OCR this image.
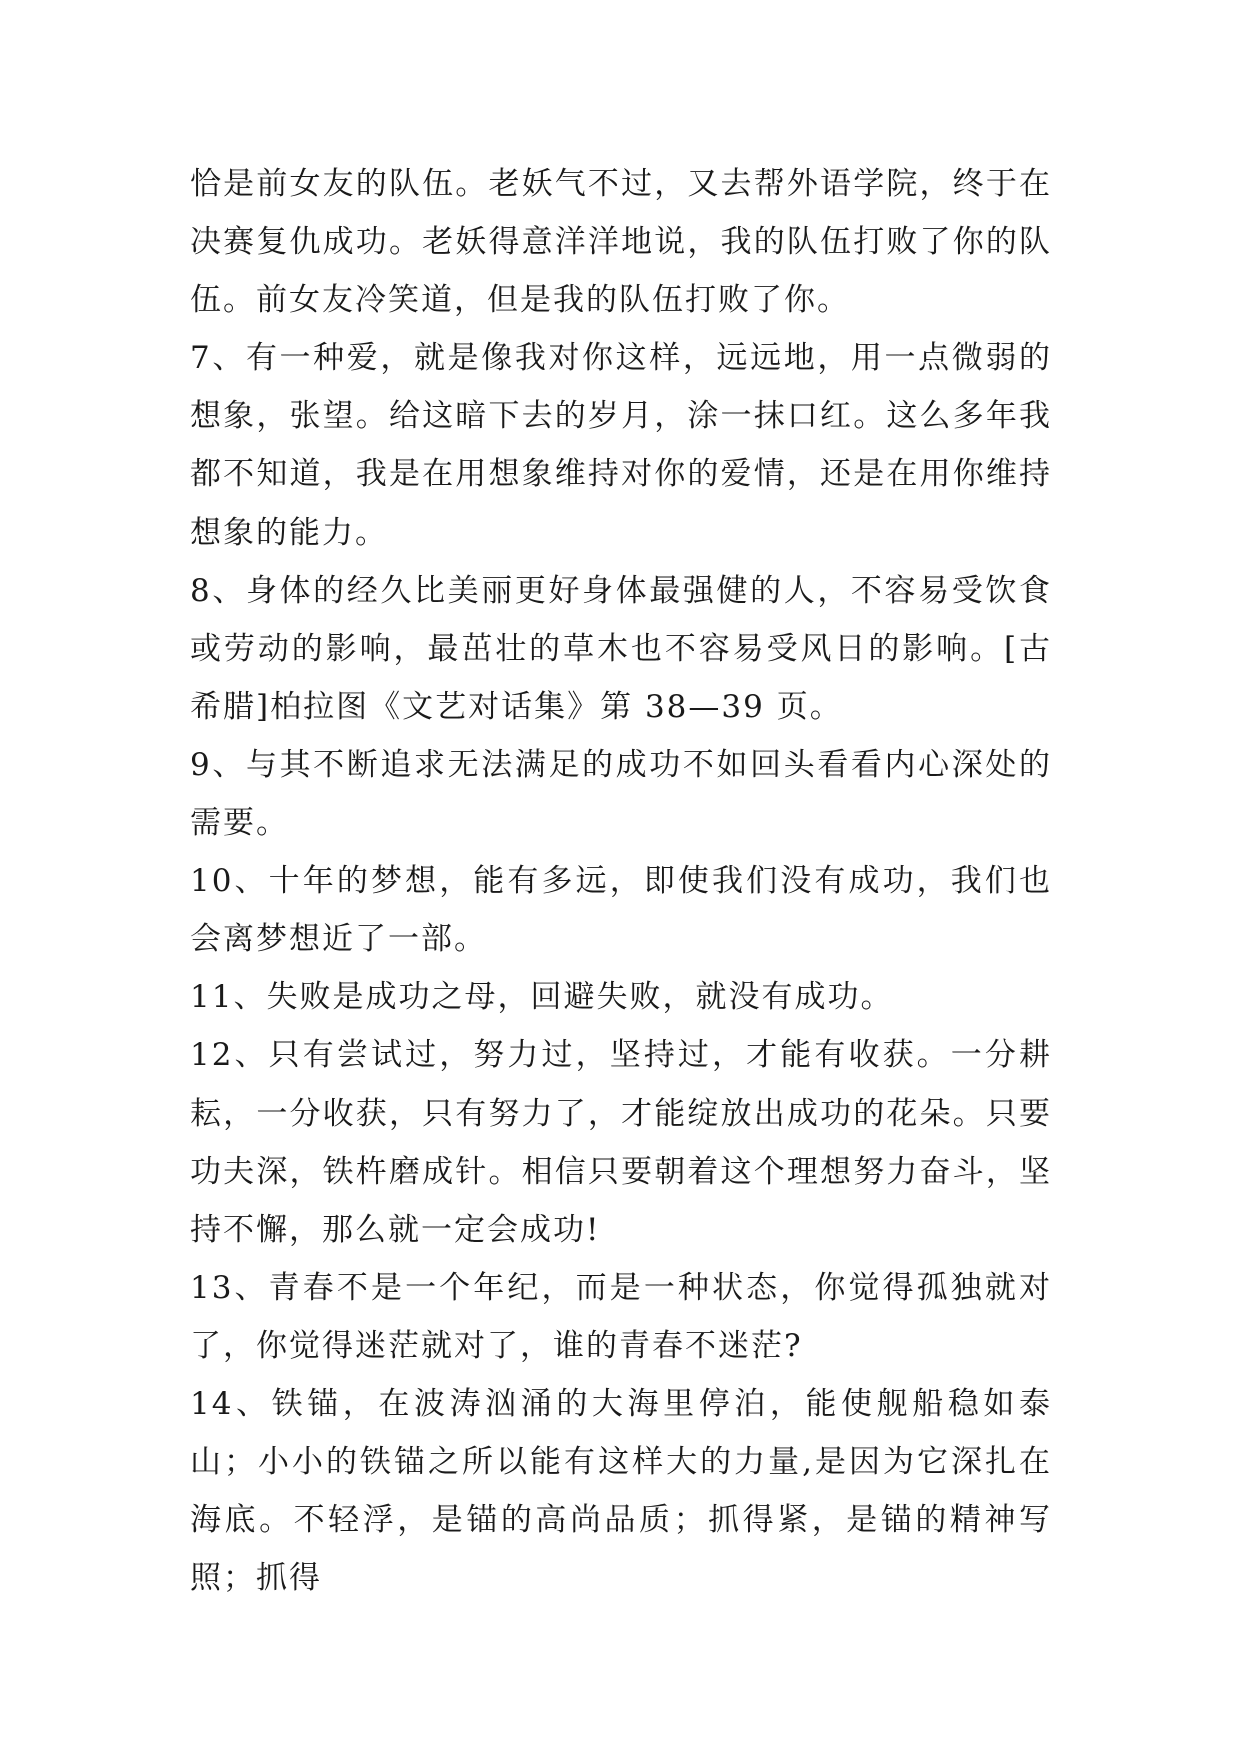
恰是前女友的队伍。老妖气不过，又去帮外语学院，终于在决赛复仇成功。老妖得意洋洋地说，我的队伍打败了你的队伍。前女友冷笑道，但是我的队伍打败了你。

7、有一种爱，就是像我对你这样，远远地，用一点微弱的想象，张望。给这暗下去的岁月，涂一抹口红。这么多年我都不知道，我是在用想象维持对你的爱情，还是在用你维持想象的能力。

8、身体的经久比美丽更好身体最强健的人，不容易受饮食或劳动的影响，最茁壮的草木也不容易受风日的影响。[古希腊]柏拉图《文艺对话集》第 38—39 页。

9、与其不断追求无法满足的成功不如回头看看内心深处的需要。

10、十年的梦想，能有多远，即使我们没有成功，我们也会离梦想近了一部。

11、失败是成功之母，回避失败，就没有成功。

12、只有尝试过，努力过，坚持过，才能有收获。一分耕耘，一分收获，只有努力了，才能绽放出成功的花朵。只要功夫深，铁杵磨成针。相信只要朝着这个理想努力奋斗，坚持不懈，那么就一定会成功!

13、青春不是一个年纪，而是一种状态，你觉得孤独就对了，你觉得迷茫就对了，谁的青春不迷茫?

14、铁锚，在波涛汹涌的大海里停泊，能使舰船稳如泰山；小小的铁锚之所以能有这样大的力量,是因为它深扎在海底。不轻浮，是锚的高尚品质；抓得紧，是锚的精神写照；抓得
